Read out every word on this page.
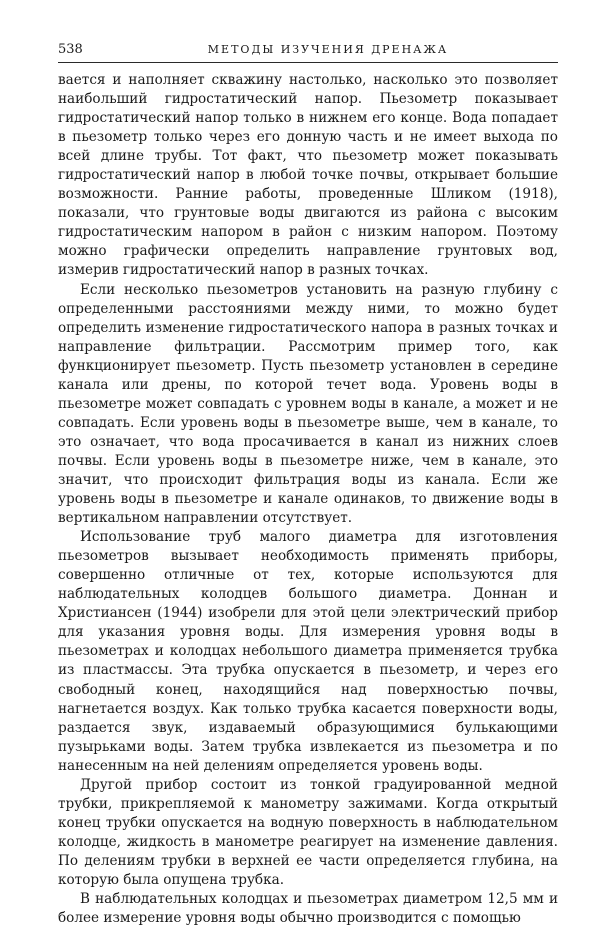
538	МЕТОДЫ ИЗУЧЕНИЯ ДРЕНАЖА

вается и наполняет скважину настолько, насколько это позволяет наибольший гидростатический напор. Пьезометр показывает гидростатический напор только в нижнем его конце. Вода попадает в пьезометр только через его донную часть и не имеет выхода по всей длине трубы. Тот факт, что пьезометр может показывать гидростатический напор в любой точке почвы, открывает большие возможности. Ранние работы, проведенные Шликом (1918), показали, что грунтовые воды двигаются из района с высоким гидростатическим напором в район с низким напором. Поэтому можно графически определить направление грунтовых вод, измерив гидростатический напор в разных точках.

Если несколько пьезометров установить на разную глубину с определенными расстояниями между ними, то можно будет определить изменение гидростатического напора в разных точках и направление фильтрации. Рассмотрим пример того, как функционирует пьезометр. Пусть пьезометр установлен в середине канала или дрены, по которой течет вода. Уровень воды в пьезометре может совпадать с уровнем воды в канале, а может и не совпадать. Если уровень воды в пьезометре выше, чем в канале, то это означает, что вода просачивается в канал из нижних слоев почвы. Если уровень воды в пьезометре ниже, чем в канале, это значит, что происходит фильтрация воды из канала. Если же уровень воды в пьезометре и канале одинаков, то движение воды в вертикальном направлении отсутствует.

Использование труб малого диаметра для изготовления пьезометров вызывает необходимость применять приборы, совершенно отличные от тех, которые используются для наблюдательных колодцев большого диаметра. Доннан и Христиансен (1944) изобрели для этой цели электрический прибор для указания уровня воды. Для измерения уровня воды в пьезометрах и колодцах небольшого диаметра применяется трубка из пластмассы. Эта трубка опускается в пьезометр, и через его свободный конец, находящийся над поверхностью почвы, нагнетается воздух. Как только трубка касается поверхности воды, раздается звук, издаваемый образующимися булькающими пузырьками воды. Затем трубка извлекается из пьезометра и по нанесенным на ней делениям определяется уровень воды.

Другой прибор состоит из тонкой градуированной медной трубки, прикрепляемой к манометру зажимами. Когда открытый конец трубки опускается на водную поверхность в наблюдательном колодце, жидкость в манометре реагирует на изменение давления. По делениям трубки в верхней ее части определяется глубина, на которую была опущена трубка.

В наблюдательных колодцах и пьезометрах диаметром 12,5 мм и более измерение уровня воды обычно производится с помощью
